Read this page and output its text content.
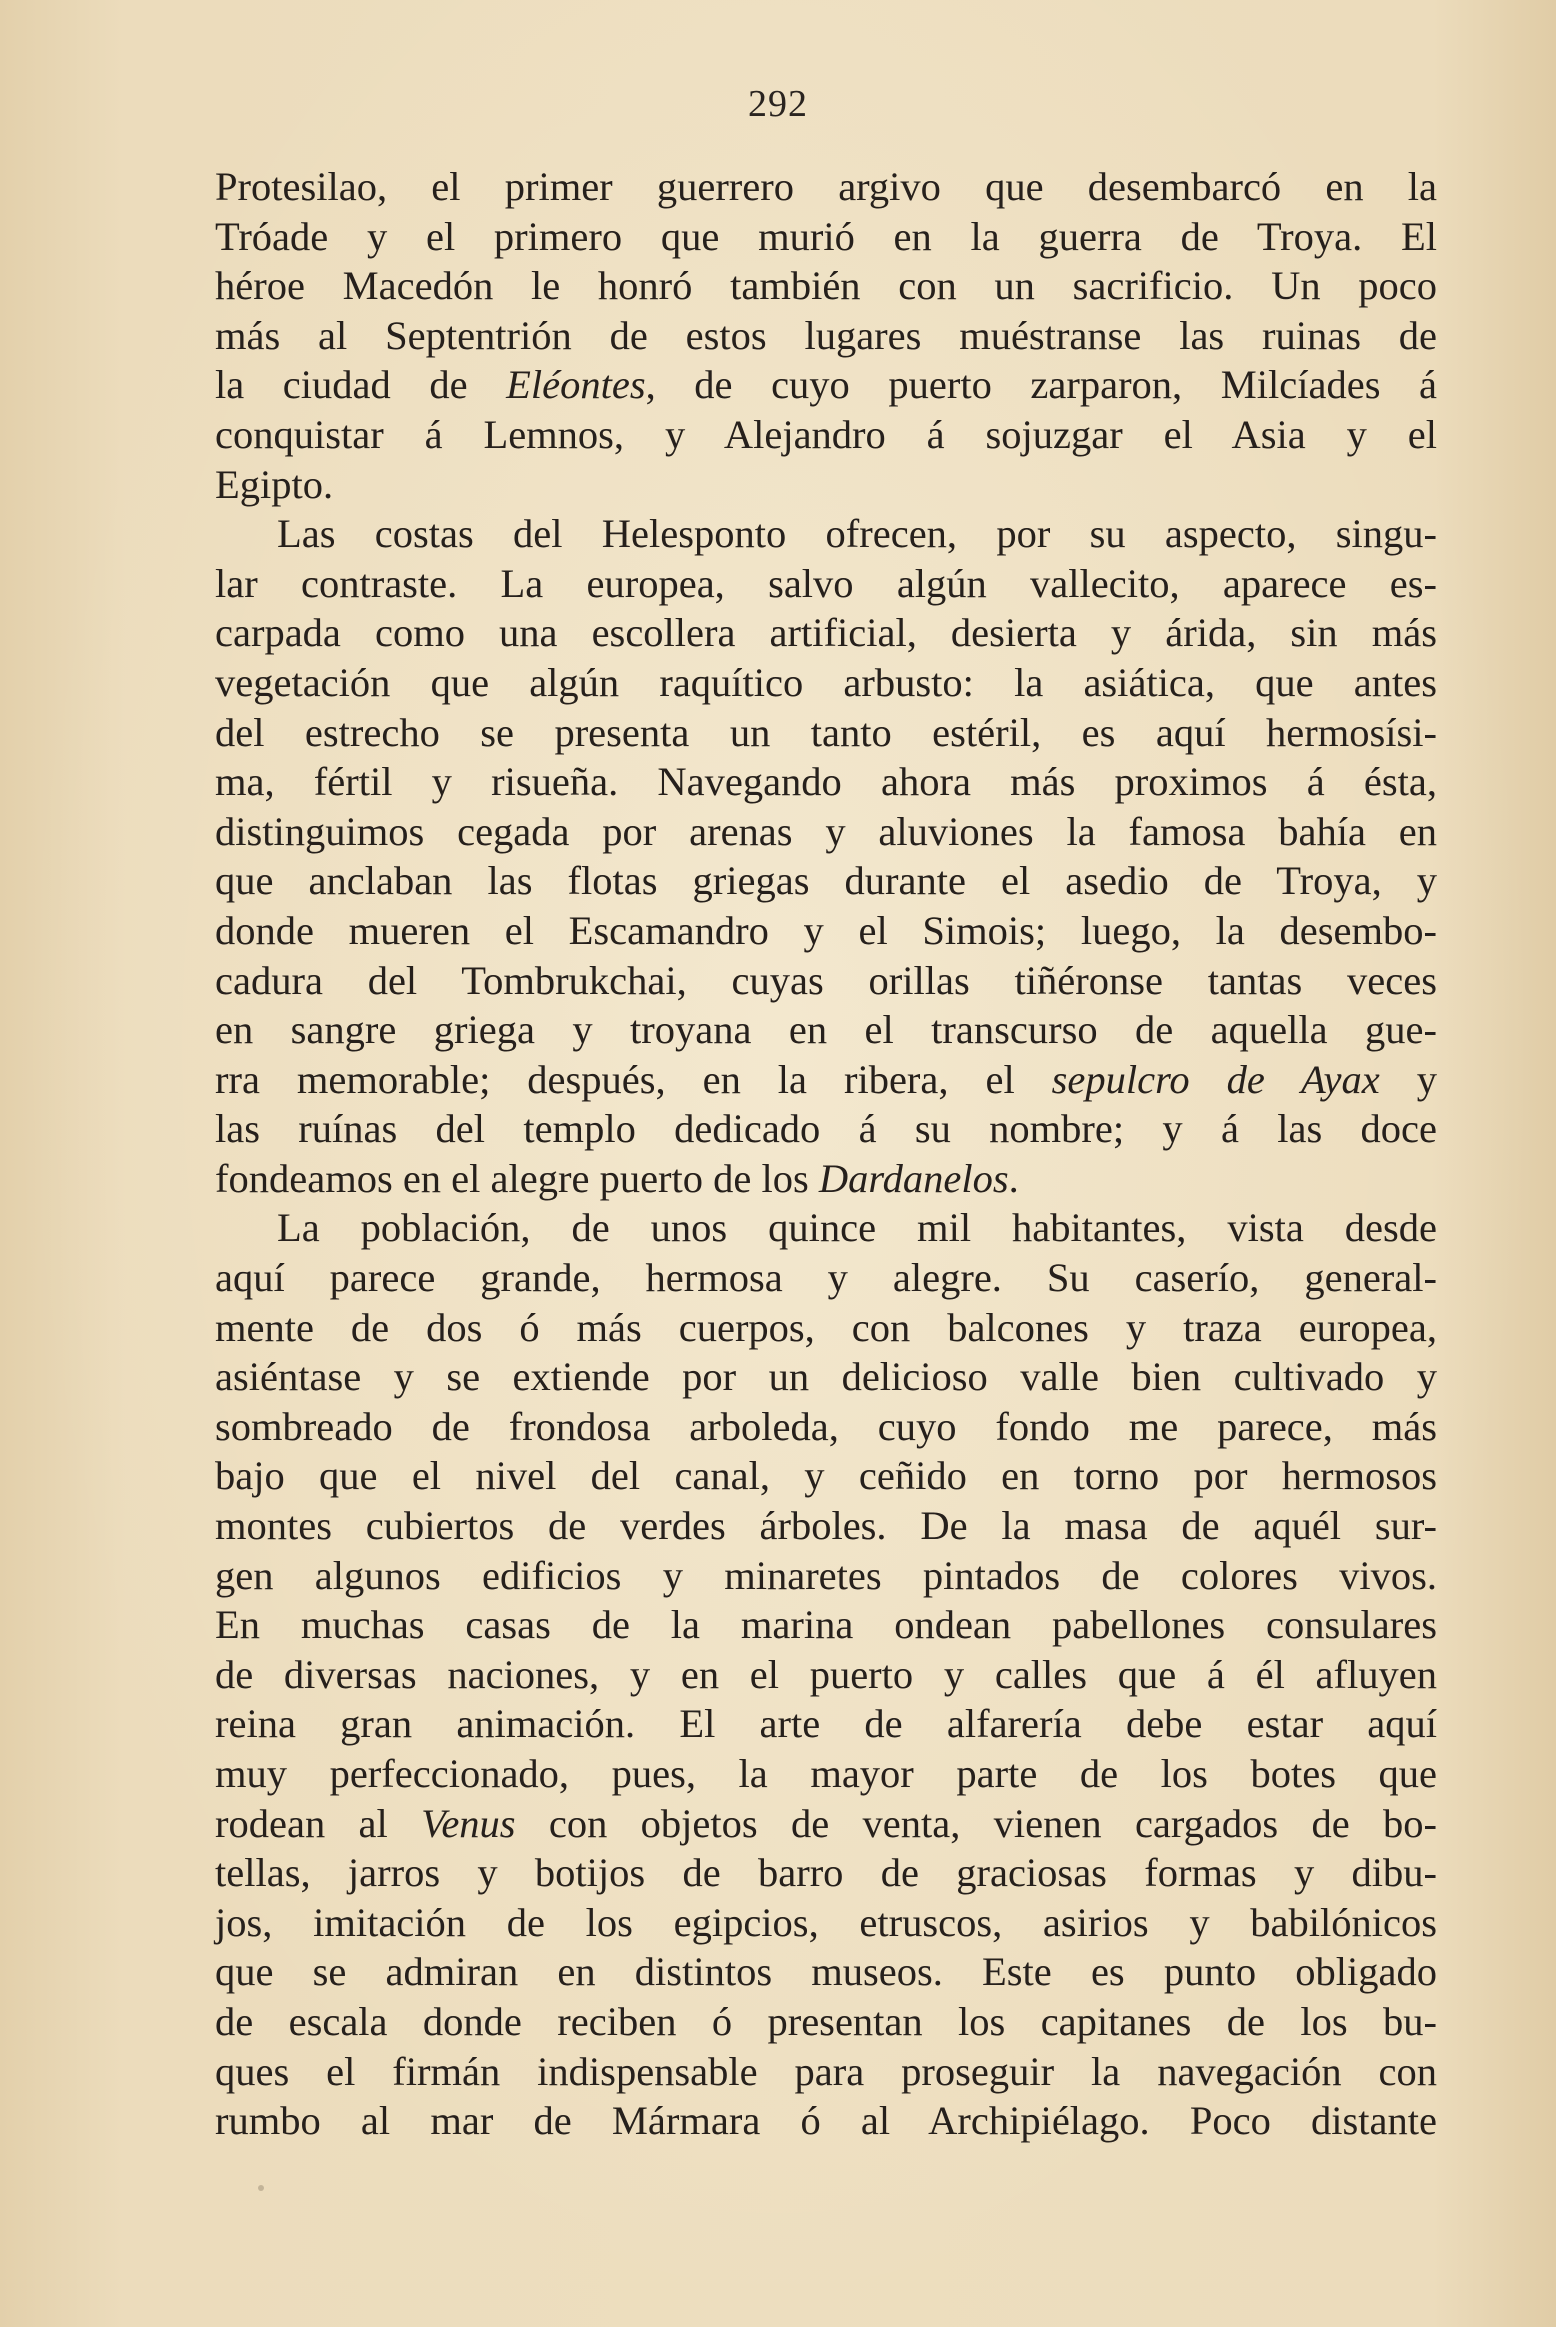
292
Protesilao, el primer guerrero argivo que desembarcó en la
Tróade y el primero que murió en la guerra de Troya. El
héroe Macedón le honró también con un sacrificio. Un poco
más al Septentrión de estos lugares muéstranse las ruinas de
la ciudad de Eléontes, de cuyo puerto zarparon, Milcíades á
conquistar á Lemnos, y Alejandro á sojuzgar el Asia y el
Egipto.
Las costas del Helesponto ofrecen, por su aspecto, singu-
lar contraste. La europea, salvo algún vallecito, aparece es-
carpada como una escollera artificial, desierta y árida, sin más
vegetación que algún raquítico arbusto: la asiática, que antes
del estrecho se presenta un tanto estéril, es aquí hermosísi-
ma, fértil y risueña. Navegando ahora más proximos á ésta,
distinguimos cegada por arenas y aluviones la famosa bahía en
que anclaban las flotas griegas durante el asedio de Troya, y
donde mueren el Escamandro y el Simois; luego, la desembo-
cadura del Tombrukchai, cuyas orillas tiñéronse tantas veces
en sangre griega y troyana en el transcurso de aquella gue-
rra memorable; después, en la ribera, el sepulcro de Ayax y
las ruínas del templo dedicado á su nombre; y á las doce
fondeamos en el alegre puerto de los Dardanelos.
La población, de unos quince mil habitantes, vista desde
aquí parece grande, hermosa y alegre. Su caserío, general-
mente de dos ó más cuerpos, con balcones y traza europea,
asiéntase y se extiende por un delicioso valle bien cultivado y
sombreado de frondosa arboleda, cuyo fondo me parece, más
bajo que el nivel del canal, y ceñido en torno por hermosos
montes cubiertos de verdes árboles. De la masa de aquél sur-
gen algunos edificios y minaretes pintados de colores vivos.
En muchas casas de la marina ondean pabellones consulares
de diversas naciones, y en el puerto y calles que á él afluyen
reina gran animación. El arte de alfarería debe estar aquí
muy perfeccionado, pues, la mayor parte de los botes que
rodean al Venus con objetos de venta, vienen cargados de bo-
tellas, jarros y botijos de barro de graciosas formas y dibu-
jos, imitación de los egipcios, etruscos, asirios y babilónicos
que se admiran en distintos museos. Este es punto obligado
de escala donde reciben ó presentan los capitanes de los bu-
ques el firmán indispensable para proseguir la navegación con
rumbo al mar de Mármara ó al Archipiélago. Poco distante
